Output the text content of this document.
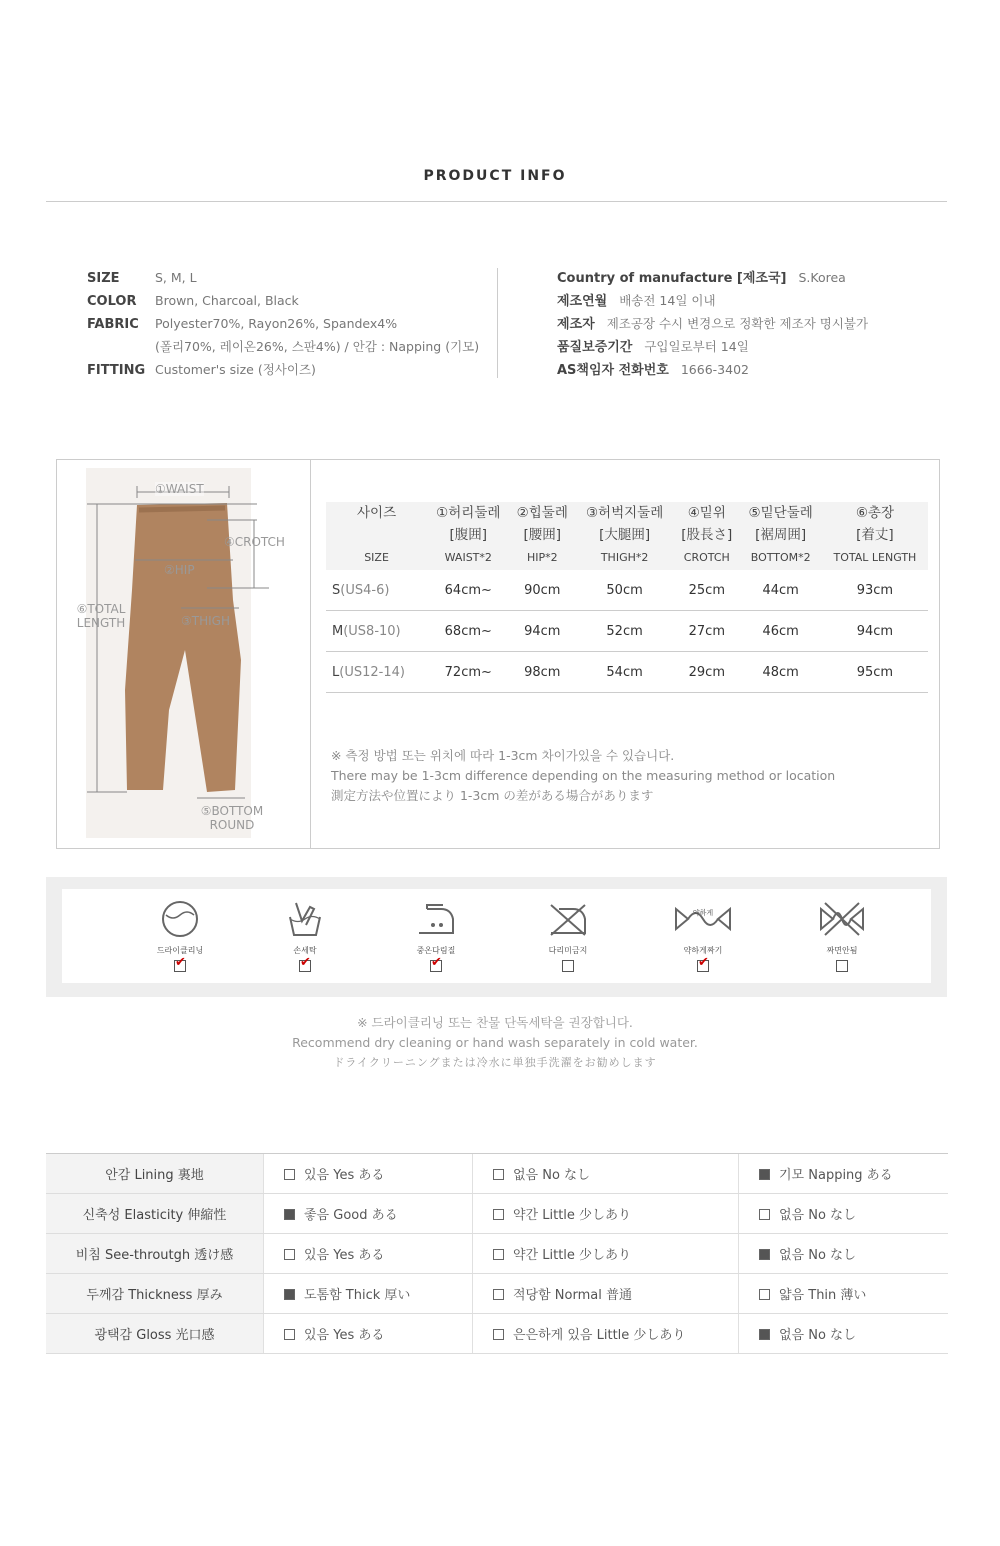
PRODUCT INFO
SIZE	S, M, L
COLOR Brown, Charcoal, Black
FABRIC Polyester70%, Rayon26%, Spandex4%
(폴리70%, 레이온26%, 스판4%) / 안감 : Napping (기모)
FITTING Customer's size (정사이즈)
Country of manufacture [제조국] S.Korea
제조연월 배송전 14일 이내
제조자 제조공장 수시 변경으로 정확한 제조자 명시불가
품질보증기간 구입일로부터 14일
AS책임자 전화번호 1666-3402
①WAIST
④CROTCH
②HIP
⑥TOTAL
LENGTH	③THIGH
⑤BOTTOM
ROUND
사이즈	①허리둘레	②힙둘레	③허벅지둘레	④밑위	⑤밑단둘레	⑥총장
	[腹囲]	[腰囲]	[大腿囲]	[股長さ]	[裾周囲]	[着丈]
SIZE	WAIST*2	HIP*2	THIGH*2	CROTCH	BOTTOM*2	TOTAL LENGTH
S(US4-6)	64cm~	90cm	50cm	25cm	44cm	93cm
M(US8-10)	68cm~	94cm	52cm	27cm	46cm	94cm
L(US12-14)	72cm~	98cm	54cm	29cm	48cm	95cm
※ 측정 방법 또는 위치에 따라 1-3cm 차이가있을 수 있습니다.
There may be 1-3cm difference depending on the measuring method or location
測定方法や位置により 1-3cm の差がある場合があります
드라이클리닝
✔
손세탁
✔
중온다림질
✔
다리미금지
약하게
약하게짜기
✔
짜면안됨
※ 드라이클리닝 또는 찬물 단독세탁을 권장합니다.
Recommend dry cleaning or hand wash separately in cold water.
ドライクリーニングまたは冷水に単独手洗濯をお勧めします
안감 Lining 裏地	있음 Yes ある	없음 No なし	기모 Napping ある
신축성 Elasticity 伸縮性	좋음 Good ある	약간 Little 少しあり	없음 No なし
비침 See-throutgh 透け感	있음 Yes ある	약간 Little 少しあり	없음 No なし
두께감 Thickness 厚み	도톰함 Thick 厚い	적당함 Normal 普通	얇음 Thin 薄い
광택감 Gloss 光口感	있음 Yes ある	은은하게 있음 Little 少しあり	없음 No なし
